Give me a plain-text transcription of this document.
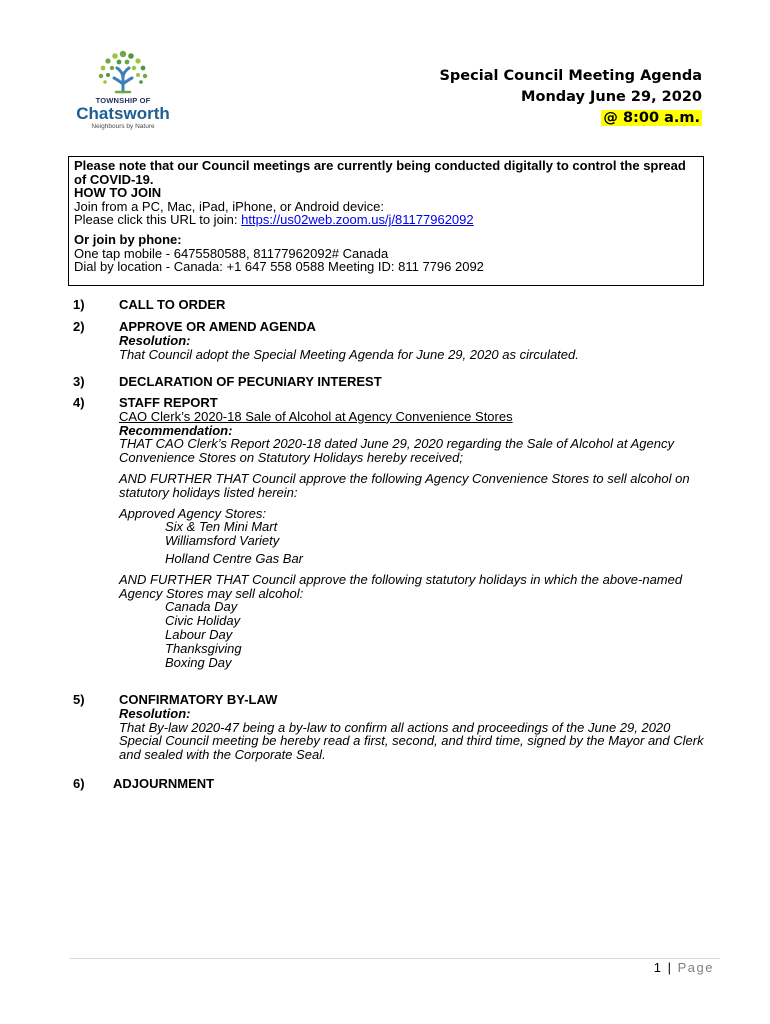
TOWNSHIP OF
Chatsworth
Neighbours by Nature
Special Council Meeting Agenda
Monday June 29, 2020
@ 8:00 a.m.
Please note that our Council meetings are currently being conducted digitally to control the spread of COVID-19.
HOW TO JOIN
Join from a PC, Mac, iPad, iPhone, or Android device:
Please click this URL to join: https://us02web.zoom.us/j/81177962092
Or join by phone:
One tap mobile - 6475580588, 81177962092# Canada
Dial by location - Canada: +1 647 558 0588 Meeting ID: 811 7796 2092
1)	CALL TO ORDER
2)	APPROVE OR AMEND AGENDA
Resolution:
That Council adopt the Special Meeting Agenda for June 29, 2020 as circulated.
3)	DECLARATION OF PECUNIARY INTEREST
4)	STAFF REPORT
CAO Clerk’s 2020-18 Sale of Alcohol at Agency Convenience Stores
Recommendation:
THAT CAO Clerk’s Report 2020-18 dated June 29, 2020 regarding the Sale of Alcohol at Agency Convenience Stores on Statutory Holidays hereby received;
AND FURTHER THAT Council approve the following Agency Convenience Stores to sell alcohol on statutory holidays listed herein:
Approved Agency Stores:
Six & Ten Mini Mart
Williamsford Variety
Holland Centre Gas Bar
AND FURTHER THAT Council approve the following statutory holidays in which the above-named Agency Stores may sell alcohol:
Canada Day
Civic Holiday
Labour Day
Thanksgiving
Boxing Day
5)	CONFIRMATORY BY-LAW
Resolution:
That By-law 2020-47 being a by-law to confirm all actions and proceedings of the June 29, 2020 Special Council meeting be hereby read a first, second, and third time, signed by the Mayor and Clerk and sealed with the Corporate Seal.
6)	ADJOURNMENT
1 | Page
